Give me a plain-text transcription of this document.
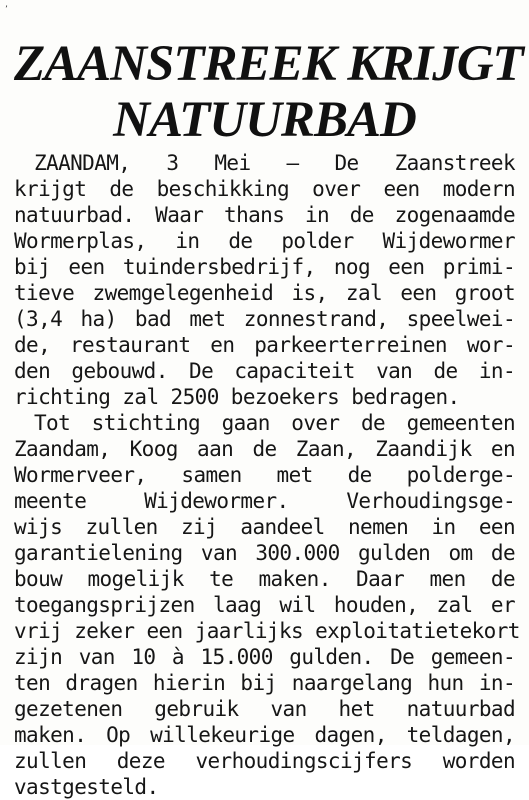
’
ZAANSTREEK KRIJGT
NATUURBAD
ZAANDAM, 3 Mei — De Zaanstreek
krijgt de beschikking over een modern
natuurbad. Waar thans in de zogenaamde
Wormerplas, in de polder Wijdewormer
bij een tuindersbedrijf, nog een primi-
tieve zwemgelegenheid is, zal een groot
(3,4 ha) bad met zonnestrand, speelwei-
de, restaurant en parkeerterreinen wor-
den gebouwd. De capaciteit van de in-
richting zal 2500 bezoekers bedragen.
Tot stichting gaan over de gemeenten
Zaandam, Koog aan de Zaan, Zaandijk en
Wormerveer, samen met de polderge-
meente Wijdewormer. Verhoudingsge-
wijs zullen zij aandeel nemen in een
garantielening van 300.000 gulden om de
bouw mogelijk te maken. Daar men de
toegangsprijzen laag wil houden, zal er
vrij zeker een jaarlijks exploitatietekort
zijn van 10 à 15.000 gulden. De gemeen-
ten dragen hierin bij naargelang hun in-
gezetenen gebruik van het natuurbad
maken. Op willekeurige dagen, teldagen,
zullen deze verhoudingscijfers worden
vastgesteld.
